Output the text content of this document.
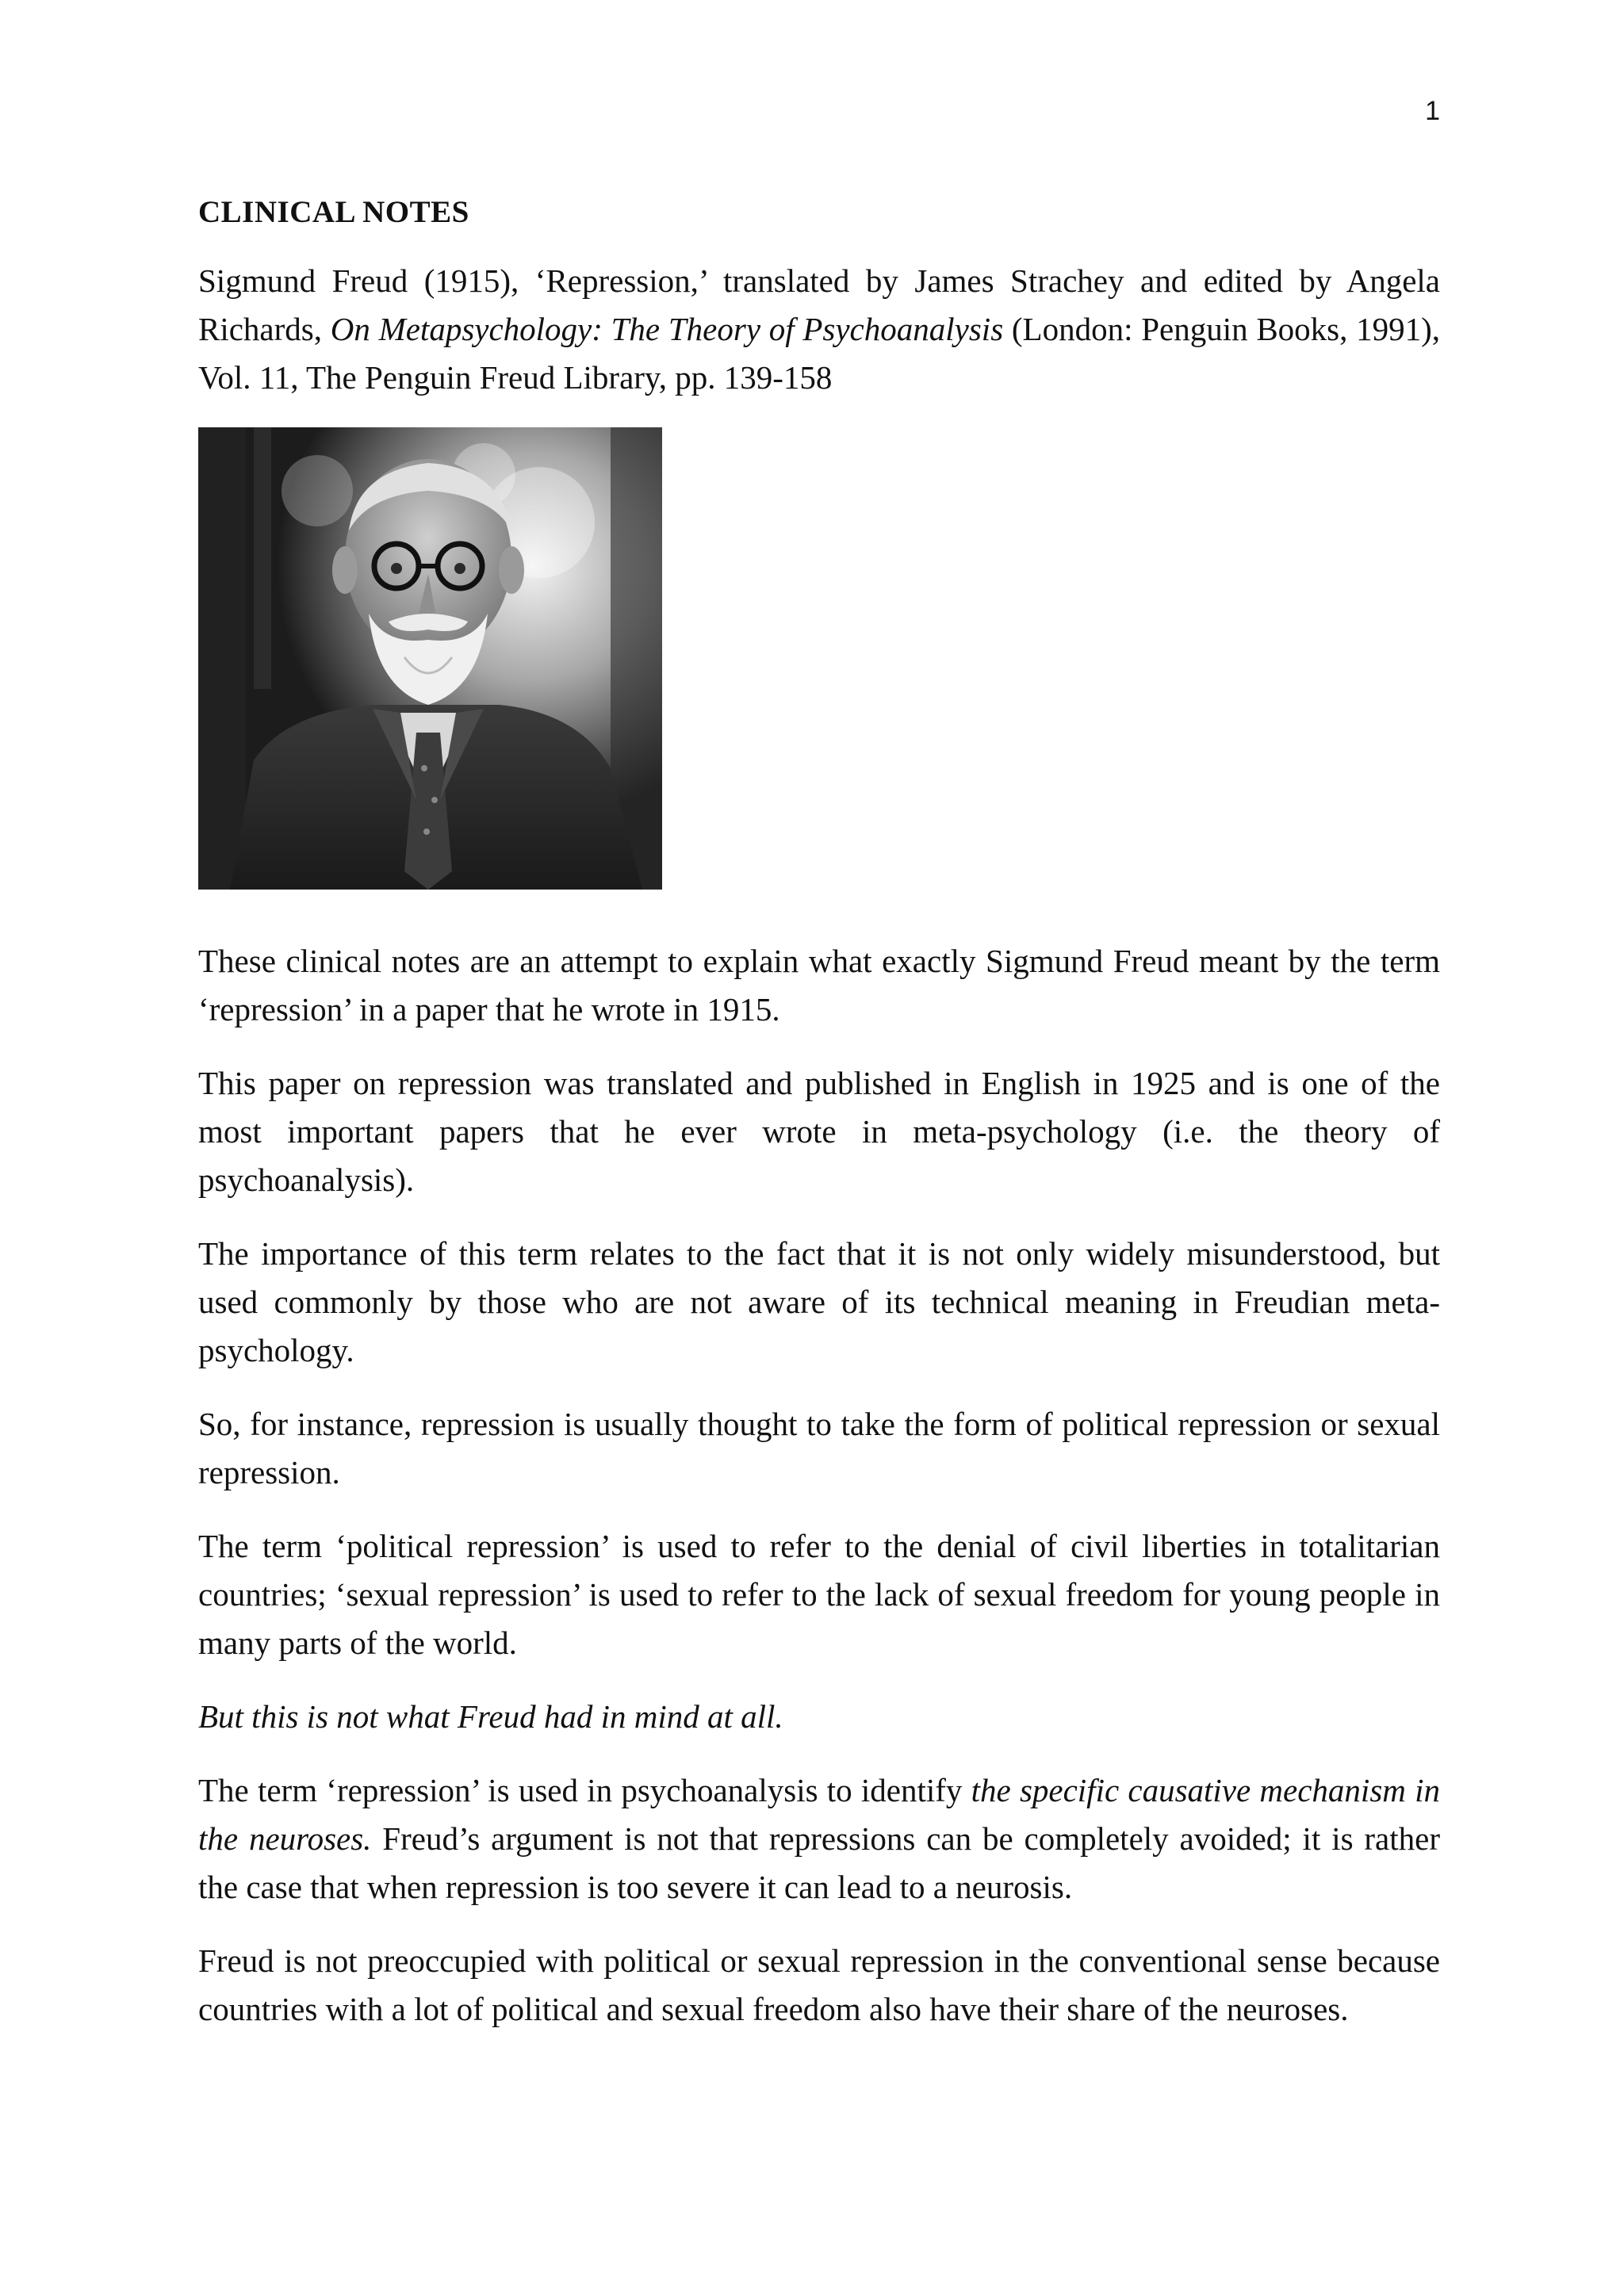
1
CLINICAL NOTES

Sigmund Freud (1915), ‘Repression,’ translated by James Strachey and edited by Angela Richards, On Metapsychology: The Theory of Psychoanalysis (London: Penguin Books, 1991), Vol. 11, The Penguin Freud Library, pp. 139-158

These clinical notes are an attempt to explain what exactly Sigmund Freud meant by the term ‘repression’ in a paper that he wrote in 1915.

This paper on repression was translated and published in English in 1925 and is one of the most important papers that he ever wrote in meta-psychology (i.e. the theory of psychoanalysis).

The importance of this term relates to the fact that it is not only widely misunderstood, but used commonly by those who are not aware of its technical meaning in Freudian meta-psychology.

So, for instance, repression is usually thought to take the form of political repression or sexual repression.

The term ‘political repression’ is used to refer to the denial of civil liberties in totalitarian countries; ‘sexual repression’ is used to refer to the lack of sexual freedom for young people in many parts of the world.

But this is not what Freud had in mind at all.

The term ‘repression’ is used in psychoanalysis to identify the specific causative mechanism in the neuroses. Freud’s argument is not that repressions can be completely avoided; it is rather the case that when repression is too severe it can lead to a neurosis.

Freud is not preoccupied with political or sexual repression in the conventional sense because countries with a lot of political and sexual freedom also have their share of the neuroses.
